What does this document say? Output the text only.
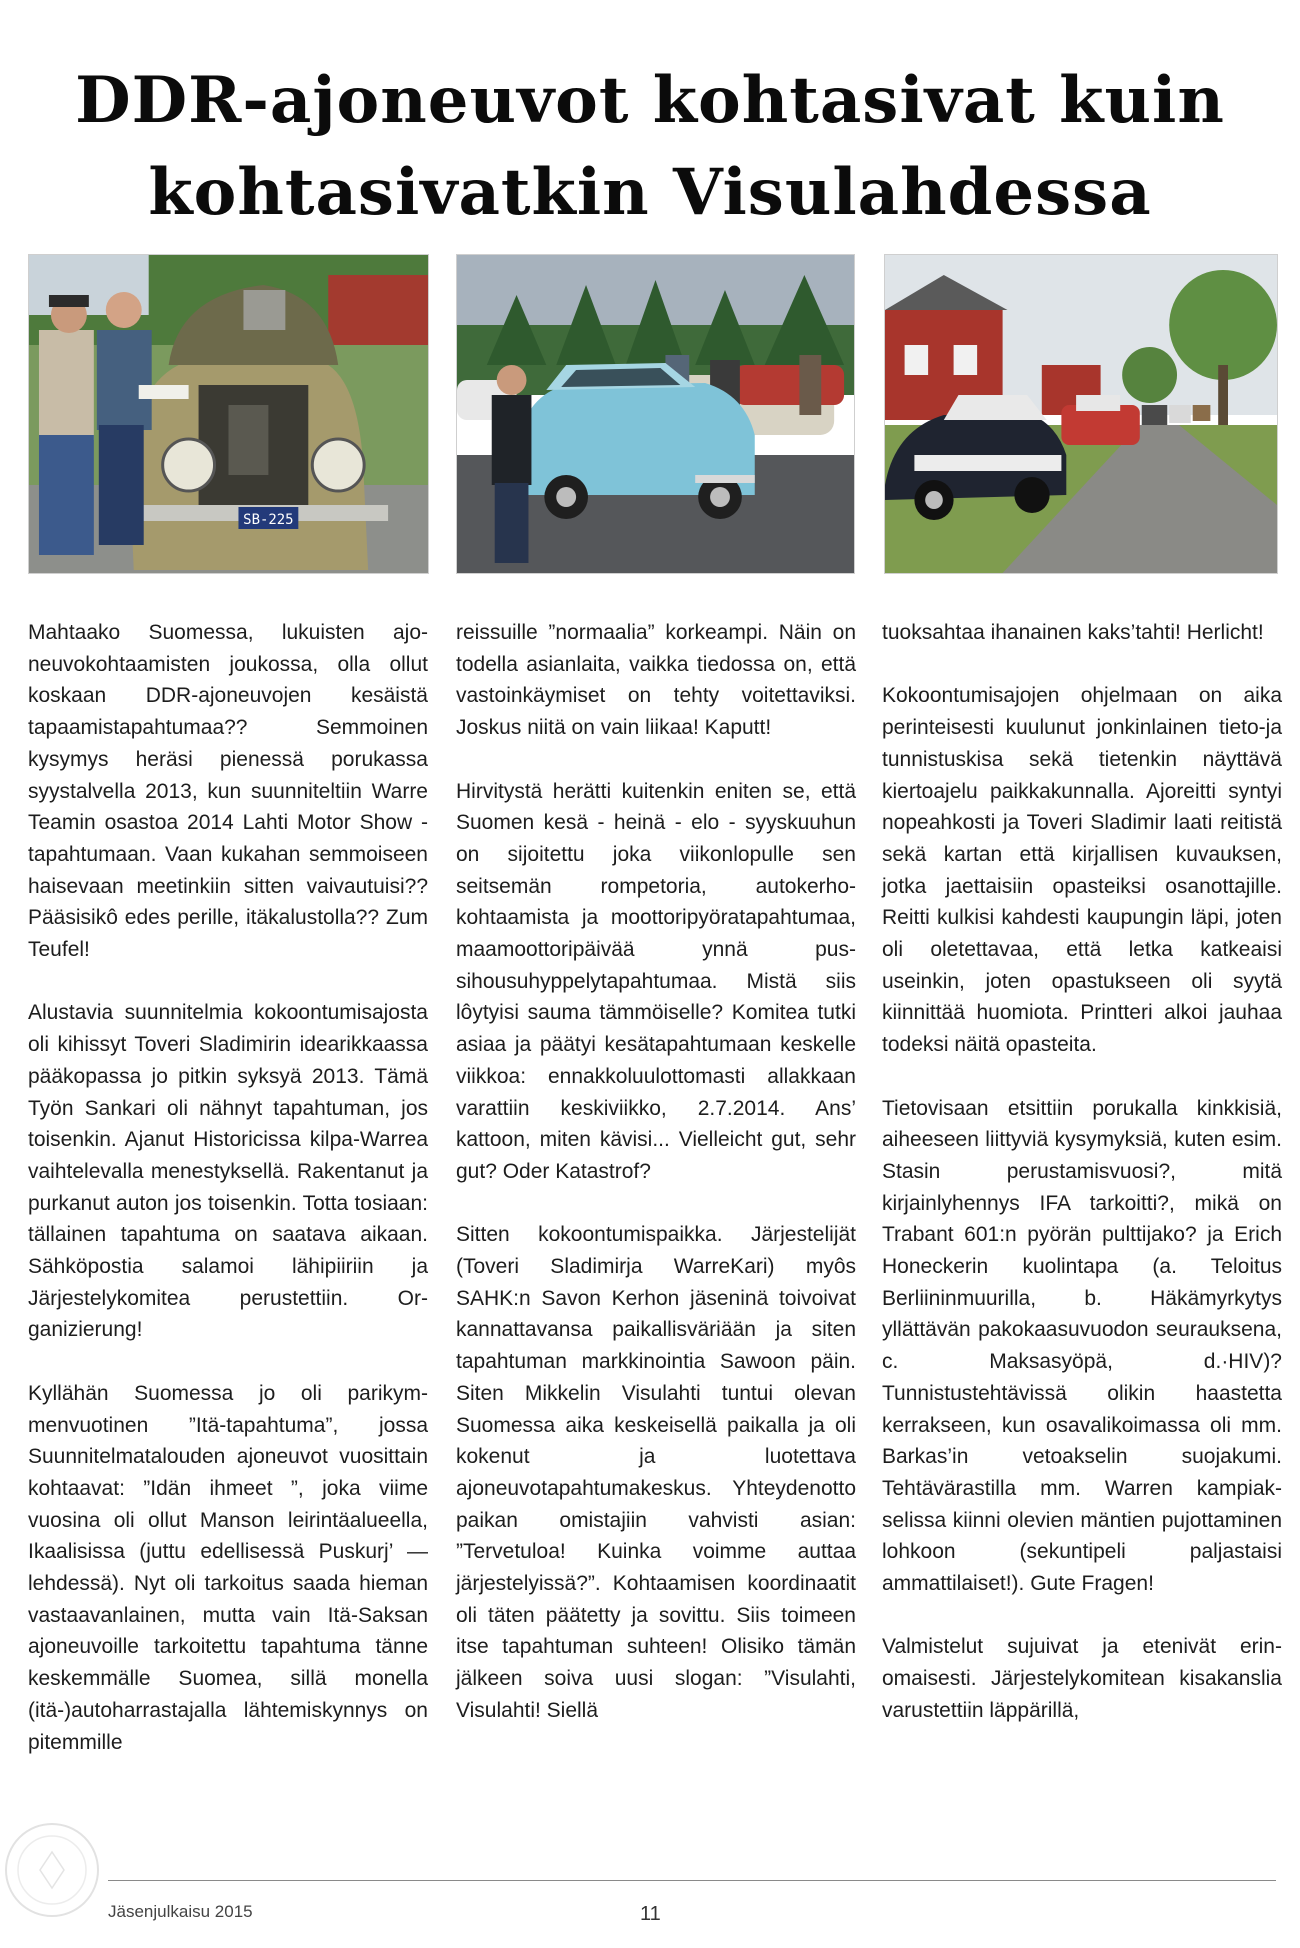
DDR-ajoneuvot kohtasivat kuin
kohtasivatkin Visulahdessa
SB-225

Mahtaako Suomessa, lukuisten ajoneuvokohtaamisten joukossa, olla ollut koskaan DDR-ajoneuvojen kesäistä tapaamistapahtumaa?? Semmoinen kysymys heräsi pienessä porukassa syystalvella 2013, kun suunniteltiin Warre Teamin osastoa 2014 Lahti Motor Show - tapahtumaan. Vaan kukahan semmoiseen haisevaan meetinkiin sitten vaivautuisi?? Pääsisikô edes perille, itäkalustolla?? Zum Teufel!

Alustavia suunnitelmia kokoontumisajosta oli kihissyt Toveri Sladimirin idearikkaassa pääkopassa jo pitkin syksyä 2013. Tämä Työn Sankari oli nähnyt tapahtuman, jos toisenkin. Ajanut Historicissa kilpa-Warrea vaihtelevalla menestyksellä. Rakentanut ja purkanut auton jos toisenkin. Totta tosiaan: tällainen tapahtuma on saatava aikaan. Sähköpostia salamoi lähipiiriin ja Järjestelykomitea perustettiin. Organizierung!

Kyllähän Suomessa jo oli parikymmenvuotinen ”Itä-tapahtuma”, jossa Suunnitelmatalouden ajoneuvot vuosittain kohtaavat: ”Idän ihmeet ”, joka viime vuosina oli ollut Manson leirintäalueella, Ikaalisissa (juttu edellisessä Puskurj’ — lehdessä). Nyt oli tarkoitus saada hieman vastaavanlainen, mutta vain Itä-Saksan ajoneuvoille tarkoitettu tapahtuma tänne keskemmälle Suomea, sillä monella (itä-)autoharrastajalla lähtemiskynnys on pitemmille

reissuille ”normaalia” korkeampi. Näin on todella asianlaita, vaikka tiedossa on, että vastoinkäymiset on tehty voitettaviksi. Joskus niitä on vain liikaa! Kaputt!

Hirvitystä herätti kuitenkin eniten se, että Suomen kesä - heinä - elo - syyskuuhun on sijoitettu joka viikonlopulle sen seitsemän rompetoria, autokerhokohtaamista ja moottoripyöratapahtumaa, maamoottoripäivää ynnä pussihousuhyppelytapahtumaa. Mistä siis lôytyisi sauma tämmöiselle? Komitea tutki asiaa ja päätyi kesätapahtumaan keskelle viikkoa: ennakkoluulottomasti allakkaan varattiin keskiviikko, 2.7.2014. Ans’ kattoon, miten kävisi... Vielleicht gut, sehr gut? Oder Katastrof?

Sitten kokoontumispaikka. Järjestelijät (Toveri Sladimirja WarreKari) myôs SAHK:n Savon Kerhon jäseninä toivoivat kannattavansa paikallisväriään ja siten tapahtuman markkinointia Sawoon päin. Siten Mikkelin Visulahti tuntui olevan Suomessa aika keskeisellä paikalla ja oli kokenut ja luotettava ajoneuvotapahtumakeskus. Yhteydenotto paikan omistajiin vahvisti asian: ”Tervetuloa! Kuinka voimme auttaa järjestelyissä?”. Kohtaamisen koordinaatit oli täten päätetty ja sovittu. Siis toimeen itse tapahtuman suhteen! Olisiko tämän jälkeen soiva uusi slogan: ”Visulahti, Visulahti! Siellä

tuoksahtaa ihanainen kaks’tahti! Herlicht!

Kokoontumisajojen ohjelmaan on aika perinteisesti kuulunut jonkinlainen tieto-ja tunnistuskisa sekä tietenkin näyttävä kiertoajelu paikkakunnalla. Ajoreitti syntyi nopeahkosti ja Toveri Sladimir laati reitistä sekä kartan että kirjallisen kuvauksen, jotka jaettaisiin opasteiksi osanottajille. Reitti kulkisi kahdesti kaupungin läpi, joten oli oletettavaa, että letka katkeaisi useinkin, joten opastukseen oli syytä kiinnittää huomiota. Printteri alkoi jauhaa todeksi näitä opasteita.

Tietovisaan etsittiin porukalla kinkkisiä, aiheeseen liittyviä kysymyksiä, kuten esim. Stasin perustamisvuosi?, mitä kirjainlyhennys IFA tarkoitti?, mikä on Trabant 601:n pyörän pulttijako? ja Erich Honeckerin kuolintapa (a. Teloitus Berliininmuurilla, b. Häkämyrkytys yllättävän pakokaasuvuodon seurauksena, c. Maksasyöpä, d.·HIV)? Tunnistustehtävissä olikin haastetta kerrakseen, kun osavalikoimassa oli mm. Barkas’in vetoakselin suojakumi. Tehtävärastilla mm. Warren kampiakselissa kiinni olevien mäntien pujottaminen lohkoon (sekuntipeli paljastaisi ammattilaiset!). Gute Fragen!

Valmistelut sujuivat ja etenivät erinomaisesti. Järjestelykomitean kisakanslia varustettiin läppärillä,

Jäsenjulkaisu 2015	11
